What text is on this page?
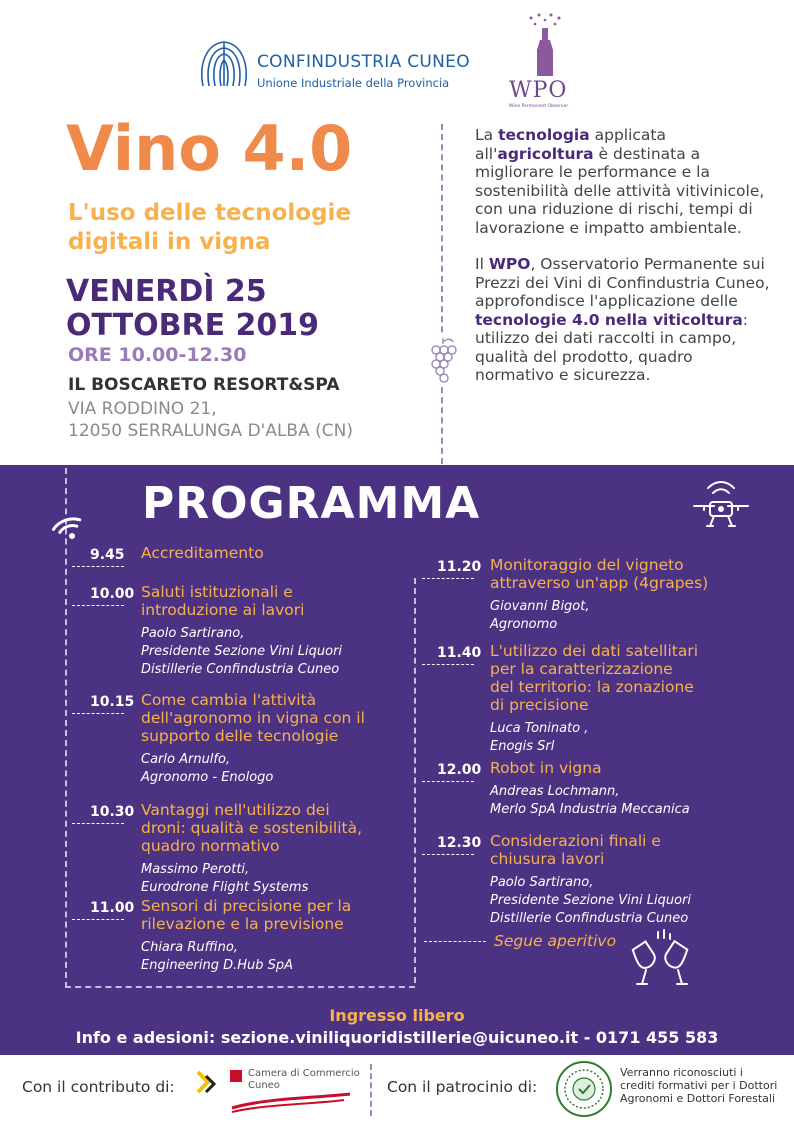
CONFINDUSTRIA CUNEO
Unione Industriale della Provincia	WPO
Wine Permanent Observer
Vino 4.0
L'uso delle tecnologie
digitali in vigna
VENERDÌ 25
OTTOBRE 2019
ORE 10.00-12.30
IL BOSCARETO RESORT&SPA
VIA RODDINO 21,
12050 SERRALUNGA D'ALBA (CN)

La tecnologia applicata all'agricoltura è destinata a migliorare le performance e la sostenibilità delle attività vitivinicole, con una riduzione di rischi, tempi di lavorazione e impatto ambientale.

Il WPO, Osservatorio Permanente sui Prezzi dei Vini di Confindustria Cuneo, approfondisce l'applicazione delle tecnologie 4.0 nella viticoltura: utilizzo dei dati raccolti in campo, qualità del prodotto, quadro normativo e sicurezza.

PROGRAMMA
9.45 Accreditamento
10.00 Saluti istituzionali e
introduzione ai lavori
Paolo Sartirano,
Presidente Sezione Vini Liquori
Distillerie Confindustria Cuneo
10.15 Come cambia l'attività
dell'agronomo in vigna con il
supporto delle tecnologie
Carlo Arnulfo,
Agronomo - Enologo
10.30 Vantaggi nell'utilizzo dei
droni: qualità e sostenibilità,
quadro normativo
Massimo Perotti,
Eurodrone Flight Systems
11.00 Sensori di precisione per la
rilevazione e la previsione
Chiara Ruffino,
Engineering D.Hub SpA
11.20 Monitoraggio del vigneto
attraverso un'app (4grapes)
Giovanni Bigot,
Agronomo
11.40 L'utilizzo dei dati satellitari
per la caratterizzazione
del territorio: la zonazione
di precisione
Luca Toninato ,
Enogis Srl
12.00 Robot in vigna
Andreas Lochmann,
Merlo SpA Industria Meccanica
12.30 Considerazioni finali e
chiusura lavori
Paolo Sartirano,
Presidente Sezione Vini Liquori
Distillerie Confindustria Cuneo
Segue aperitivo
Ingresso libero
Info e adesioni: sezione.viniliquoridistillerie@uicuneo.it - 0171 455 583
Con il contributo di:
Camera di Commercio
Cuneo	Con il patrocinio di:
Verranno riconosciuti i
crediti formativi per i Dottori
Agronomi e Dottori Forestali
